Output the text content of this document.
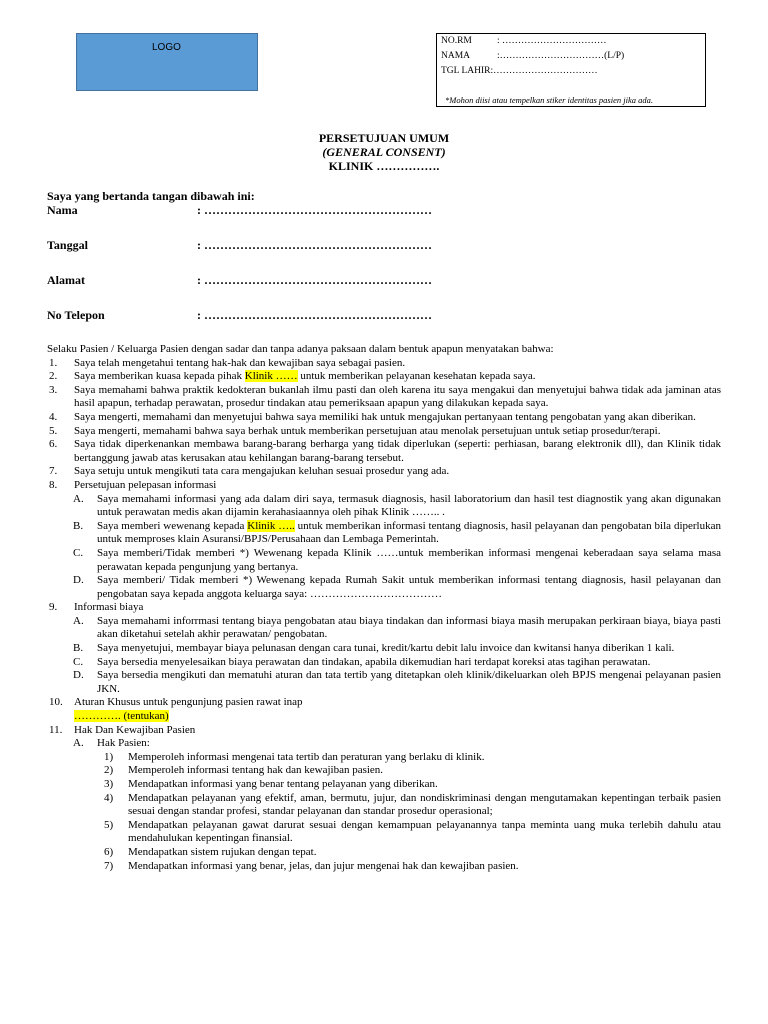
LOGO
NO.RM	: ……………………………
NAMA	:……………………………(L/P)
TGL LAHIR :……………………………
*Mohon diisi atau tempelkan stiker identitas pasien jika ada.
PERSETUJUAN UMUM
(GENERAL CONSENT)
KLINIK …………….
Saya yang bertanda tangan dibawah ini:
Nama	: …………………………………………………
Tanggal	: …………………………………………………
Alamat	: …………………………………………………
No Telepon	: …………………………………………………

Selaku Pasien / Keluarga Pasien dengan sadar dan tanpa adanya paksaan dalam bentuk apapun menyatakan bahwa:

1. Saya telah mengetahui tentang hak-hak dan kewajiban saya sebagai pasien.
2. Saya memberikan kuasa kepada pihak Klinik …… untuk memberikan pelayanan kesehatan kepada saya.
3. Saya memahami bahwa praktik kedokteran bukanlah ilmu pasti dan oleh karena itu saya mengakui dan menyetujui bahwa tidak ada jaminan atas hasil apapun, terhadap perawatan, prosedur tindakan atau pemeriksaan apapun yang dilakukan kepada saya.
4. Saya mengerti, memahami dan menyetujui bahwa saya memiliki hak untuk mengajukan pertanyaan tentang pengobatan yang akan diberikan.
5. Saya mengerti, memahami bahwa saya berhak untuk memberikan persetujuan atau menolak persetujuan untuk setiap prosedur/terapi.
6. Saya tidak diperkenankan membawa barang-barang berharga yang tidak diperlukan (seperti: perhiasan, barang elektronik dll), dan Klinik tidak bertanggung jawab atas kerusakan atau kehilangan barang-barang tersebut.
7. Saya setuju untuk mengikuti tata cara mengajukan keluhan sesuai prosedur yang ada.
8. Persetujuan pelepasan informasi
A. Saya memahami informasi yang ada dalam diri saya, termasuk diagnosis, hasil laboratorium dan hasil test diagnostik yang akan digunakan untuk perawatan medis akan dijamin kerahasiaannya oleh pihak Klinik …….. .
B. Saya memberi wewenang kepada Klinik ….. untuk memberikan informasi tentang diagnosis, hasil pelayanan dan pengobatan bila diperlukan untuk memproses klain Asuransi/BPJS/Perusahaan dan Lembaga Pemerintah.
C. Saya memberi/Tidak memberi *) Wewenang kepada Klinik ……untuk memberikan informasi mengenai keberadaan saya selama masa perawatan kepada pengunjung yang bertanya.
D. Saya memberi/ Tidak memberi *) Wewenang kepada Rumah Sakit untuk memberikan informasi tentang diagnosis, hasil pelayanan dan pengobatan saya kepada anggota keluarga saya: ………………………………
9. Informasi biaya
A. Saya memahami inforrmasi tentang biaya pengobatan atau biaya tindakan dan informasi biaya masih merupakan perkiraan biaya, biaya pasti akan diketahui setelah akhir perawatan/ pengobatan.
B. Saya menyetujui, membayar biaya pelunasan dengan cara tunai, kredit/kartu debit lalu invoice dan kwitansi hanya diberikan 1 kali.
C. Saya bersedia menyelesaikan biaya perawatan dan tindakan, apabila dikemudian hari terdapat koreksi atas tagihan perawatan.
D. Saya bersedia mengikuti dan mematuhi aturan dan tata tertib yang ditetapkan oleh klinik/dikeluarkan oleh BPJS mengenai pelayanan pasien JKN.
10. Aturan Khusus untuk pengunjung pasien rawat inap
…………. (tentukan)
11. Hak Dan Kewajiban Pasien
A. Hak Pasien:
1) Memperoleh informasi mengenai tata tertib dan peraturan yang berlaku di klinik.
2) Memperoleh informasi tentang hak dan kewajiban pasien.
3) Mendapatkan informasi yang benar tentang pelayanan yang diberikan.
4) Mendapatkan pelayanan yang efektif, aman, bermutu, jujur, dan nondiskriminasi dengan mengutamakan kepentingan terbaik pasien sesuai dengan standar profesi, standar pelayanan dan standar prosedur operasional;
5) Mendapatkan pelayanan gawat darurat sesuai dengan kemampuan pelayanannya tanpa meminta uang muka terlebih dahulu atau mendahulukan kepentingan finansial.
6) Mendapatkan sistem rujukan dengan tepat.
7) Mendapatkan informasi yang benar, jelas, dan jujur mengenai hak dan kewajiban pasien.
